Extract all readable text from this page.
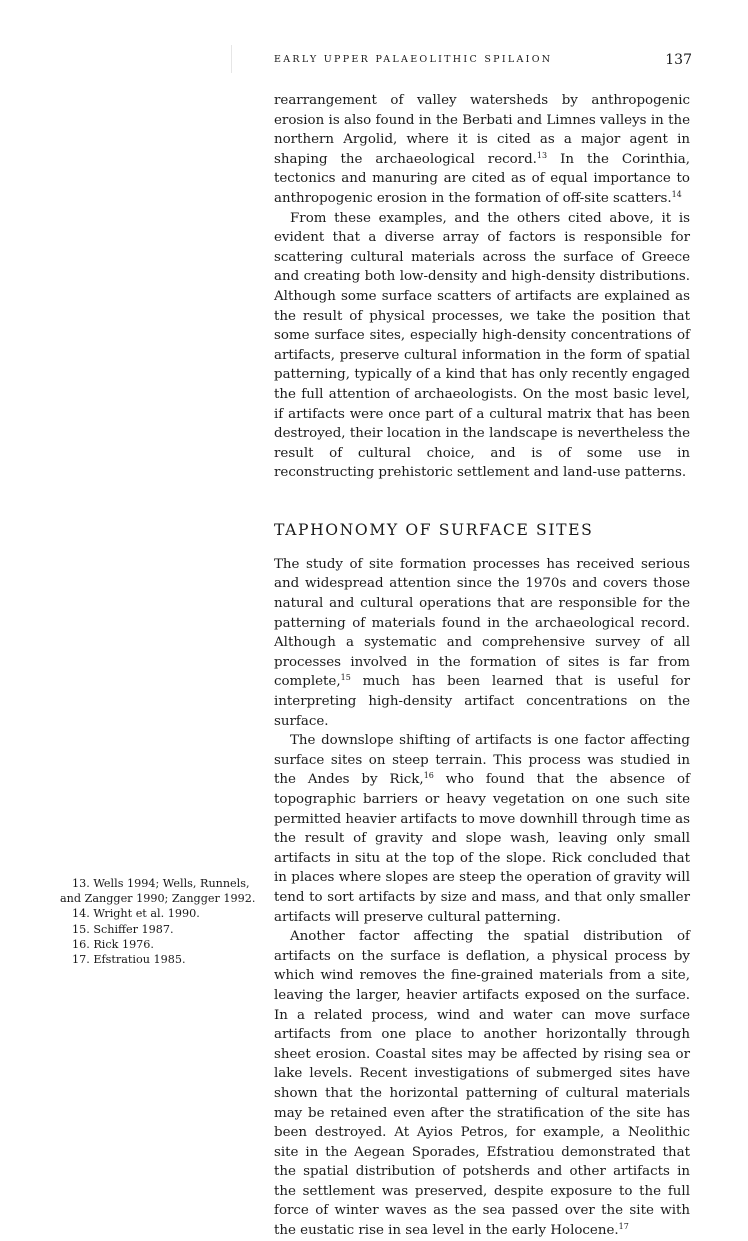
EARLY UPPER PALAEOLITHIC SPILAION	137

rearrangement of valley watersheds by anthropogenic erosion is also found in the Berbati and Limnes valleys in the northern Argolid, where it is cited as a major agent in shaping the archaeological record.$^{13}$ In the Corinthia, tectonics and manuring are cited as of equal importance to anthropogenic erosion in the formation of off-site scatters.$^{14}$

From these examples, and the others cited above, it is evident that a diverse array of factors is responsible for scattering cultural materials across the surface of Greece and creating both low-density and high-density distributions. Although some surface scatters of artifacts are explained as the result of physical processes, we take the position that some surface sites, especially high-density concentrations of artifacts, preserve cultural information in the form of spatial patterning, typically of a kind that has only recently engaged the full attention of archaeologists. On the most basic level, if artifacts were once part of a cultural matrix that has been destroyed, their location in the landscape is nevertheless the result of cultural choice, and is of some use in reconstructing prehistoric settlement and land-use patterns.

TAPHONOMY OF SURFACE SITES

The study of site formation processes has received serious and widespread attention since the 1970s and covers those natural and cultural operations that are responsible for the patterning of materials found in the archaeological record. Although a systematic and comprehensive survey of all processes involved in the formation of sites is far from complete,$^{15}$ much has been learned that is useful for interpreting high-density artifact concentrations on the surface.

The downslope shifting of artifacts is one factor affecting surface sites on steep terrain. This process was studied in the Andes by Rick,$^{16}$ who found that the absence of topographic barriers or heavy vegetation on one such site permitted heavier artifacts to move downhill through time as the result of gravity and slope wash, leaving only small artifacts in situ at the top of the slope. Rick concluded that in places where slopes are steep the operation of gravity will tend to sort artifacts by size and mass, and that only smaller artifacts will preserve cultural patterning.

Another factor affecting the spatial distribution of artifacts on the surface is deflation, a physical process by which wind removes the fine-grained materials from a site, leaving the larger, heavier artifacts exposed on the surface. In a related process, wind and water can move surface artifacts from one place to another horizontally through sheet erosion. Coastal sites may be affected by rising sea or lake levels. Recent investigations of submerged sites have shown that the horizontal patterning of cultural materials may be retained even after the stratification of the site has been destroyed. At Ayios Petros, for example, a Neolithic site in the Aegean Sporades, Efstratiou demonstrated that the spatial distribution of potsherds and other artifacts in the settlement was preserved, despite exposure to the full force of winter waves as the sea passed over the site with the eustatic rise in sea level in the early Holocene.$^{17}$

13. Wells 1994; Wells, Runnels, and Zangger 1990; Zangger 1992.

14. Wright et al. 1990.

15. Schiffer 1987.

16. Rick 1976.

17. Efstratiou 1985.
